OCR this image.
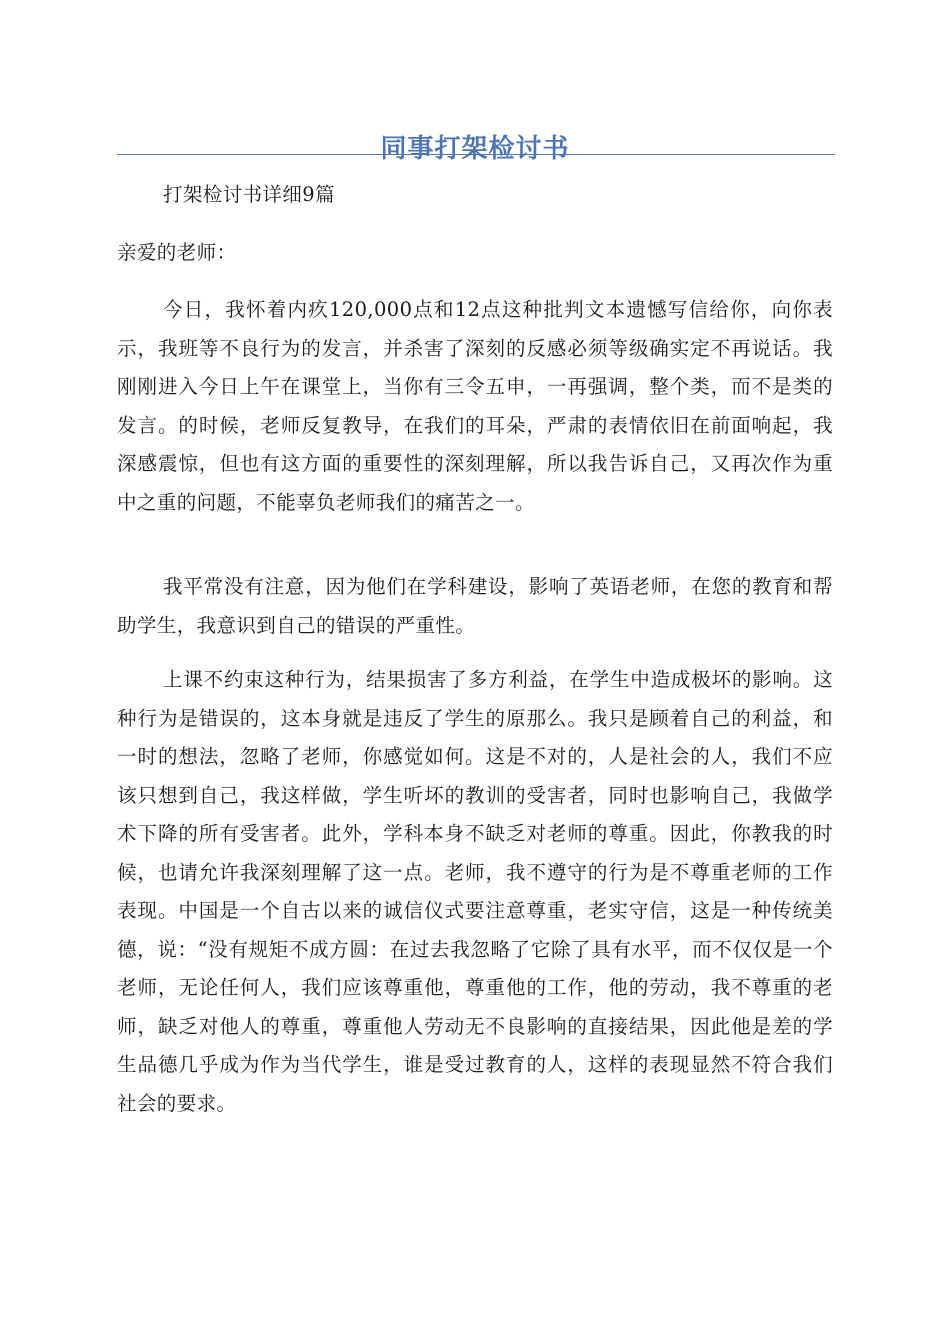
同事打架检讨书

打架检讨书详细9篇

亲爱的老师：

今日，我怀着内疚120,000点和12点这种批判文本遗憾写信给你，向你表示，我班等不良行为的发言，并杀害了深刻的反感必须等级确实定不再说话。我刚刚进入今日上午在课堂上，当你有三令五申，一再强调，整个类，而不是类的发言。的时候，老师反复教导，在我们的耳朵，严肃的表情依旧在前面响起，我深感震惊，但也有这方面的重要性的深刻理解，所以我告诉自己，又再次作为重中之重的问题，不能辜负老师我们的痛苦之一。

我平常没有注意，因为他们在学科建设，影响了英语老师，在您的教育和帮助学生，我意识到自己的错误的严重性。

上课不约束这种行为，结果损害了多方利益，在学生中造成极坏的影响。这种行为是错误的，这本身就是违反了学生的原那么。我只是顾着自己的利益，和一时的想法，忽略了老师，你感觉如何。这是不对的，人是社会的人，我们不应该只想到自己，我这样做，学生听坏的教训的受害者，同时也影响自己，我做学术下降的所有受害者。此外，学科本身不缺乏对老师的尊重。因此，你教我的时候，也请允许我深刻理解了这一点。老师，我不遵守的行为是不尊重老师的工作表现。中国是一个自古以来的诚信仪式要注意尊重，老实守信，这是一种传统美德，说：“没有规矩不成方圆：在过去我忽略了它除了具有水平，而不仅仅是一个老师，无论任何人，我们应该尊重他，尊重他的工作，他的劳动，我不尊重的老师，缺乏对他人的尊重，尊重他人劳动无不良影响的直接结果，因此他是差的学生品德几乎成为作为当代学生，谁是受过教育的人，这样的表现显然不符合我们社会的要求。
